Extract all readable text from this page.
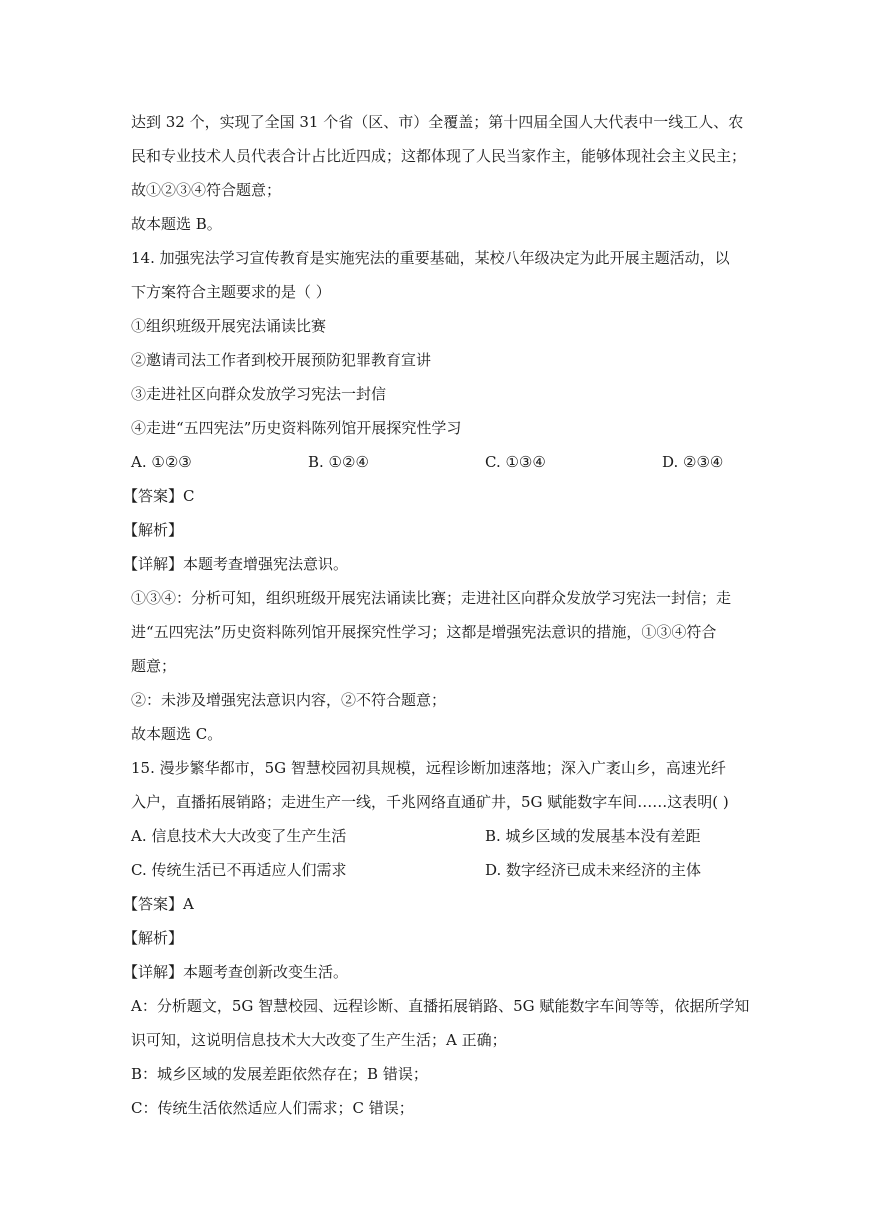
达到 32 个，实现了全国 31 个省（区、市）全覆盖；第十四届全国人大代表中一线工人、农
民和专业技术人员代表合计占比近四成；这都体现了人民当家作主，能够体现社会主义民主；
故①②③④符合题意；
故本题选 B。
14. 加强宪法学习宣传教育是实施宪法的重要基础，某校八年级决定为此开展主题活动，以
下方案符合主题要求的是（ ）
①组织班级开展宪法诵读比赛
②邀请司法工作者到校开展预防犯罪教育宣讲
③走进社区向群众发放学习宪法一封信
④走进“五四宪法”历史资料陈列馆开展探究性学习
A. ①②③	B. ①②④	C. ①③④	D. ②③④
【答案】C
【解析】
【详解】本题考查增强宪法意识。
①③④：分析可知，组织班级开展宪法诵读比赛；走进社区向群众发放学习宪法一封信；走
进“五四宪法”历史资料陈列馆开展探究性学习；这都是增强宪法意识的措施，①③④符合
题意；
②：未涉及增强宪法意识内容，②不符合题意；
故本题选 C。
15. 漫步繁华都市，5G 智慧校园初具规模，远程诊断加速落地；深入广袤山乡，高速光纤
入户，直播拓展销路；走进生产一线，千兆网络直通矿井，5G 赋能数字车间……这表明( )
A. 信息技术大大改变了生产生活	B. 城乡区域的发展基本没有差距
C. 传统生活已不再适应人们需求	D. 数字经济已成未来经济的主体
【答案】A
【解析】
【详解】本题考查创新改变生活。
A：分析题文，5G 智慧校园、远程诊断、直播拓展销路、5G 赋能数字车间等等，依据所学知
识可知，这说明信息技术大大改变了生产生活；A 正确；
B：城乡区域的发展差距依然存在；B 错误；
C：传统生活依然适应人们需求；C 错误；
